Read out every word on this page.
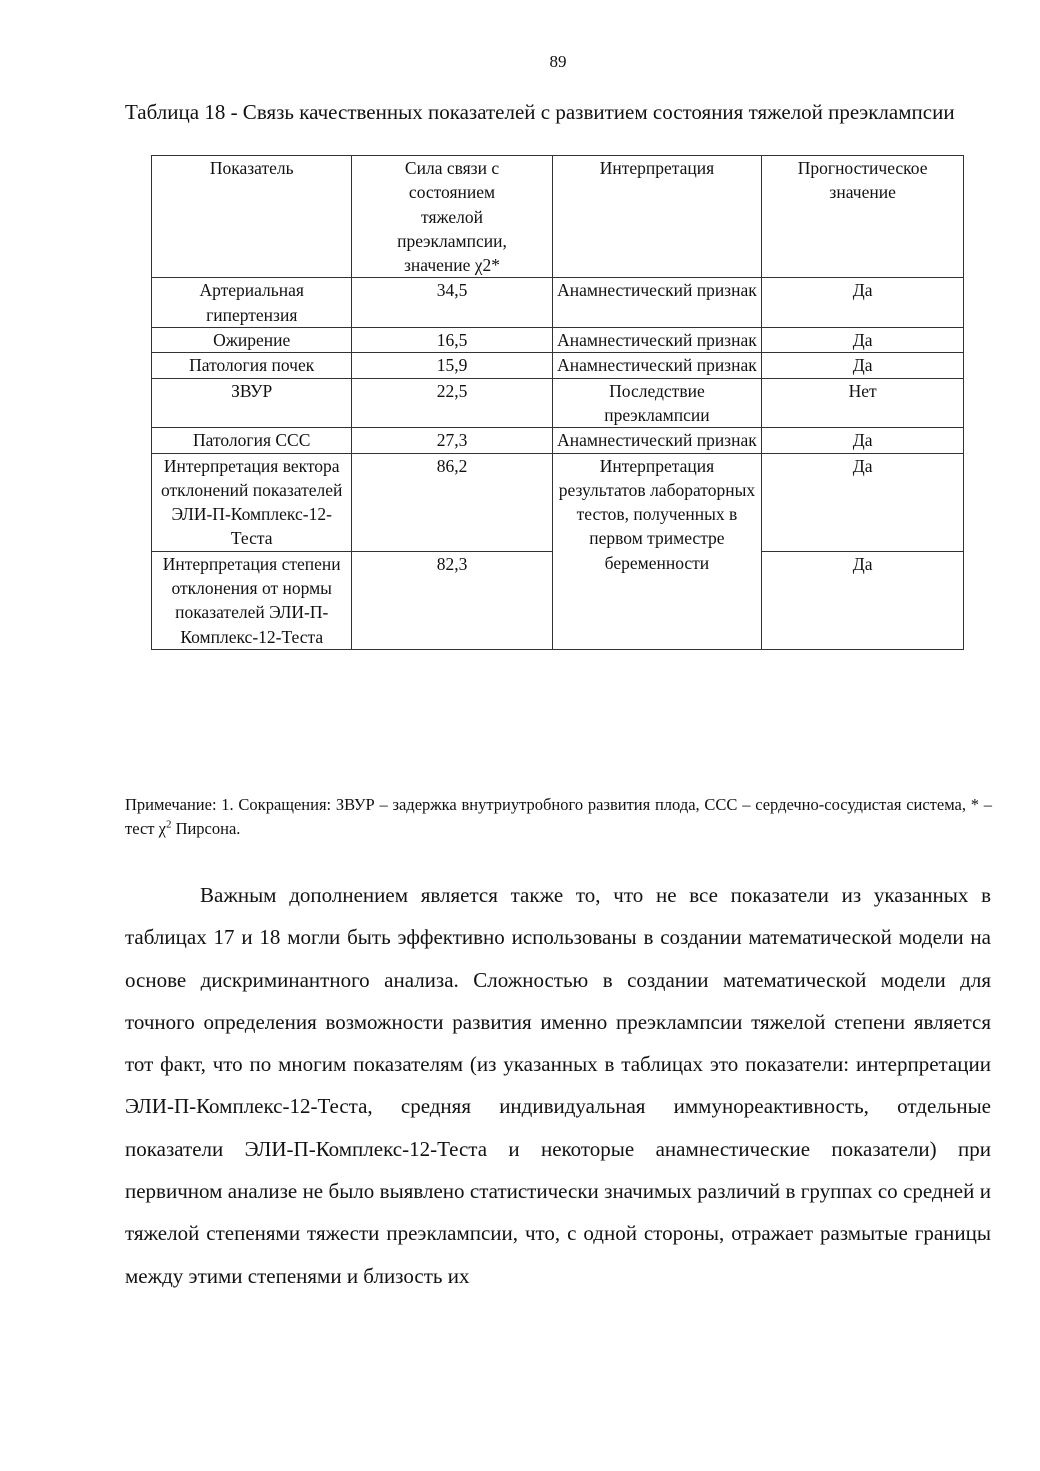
89
Таблица 18 - Связь качественных показателей с развитием состояния тяжелой преэклампсии
Показатель	Сила связи с состоянием тяжелой преэклампсии, значение χ2*	Интерпретация	Прогностическое значение
Артериальная гипертензия	34,5	Анамнестический признак	Да
Ожирение	16,5	Анамнестический признак	Да
Патология почек	15,9	Анамнестический признак	Да
ЗВУР	22,5	Последствие преэклампсии	Нет
Патология ССС	27,3	Анамнестический признак	Да
Интерпретация вектора отклонений показателей ЭЛИ-П-Комплекс-12-Теста	86,2	Интерпретация результатов лабораторных тестов, полученных в первом триместре беременности	Да
Интерпретация степени отклонения от нормы показателей ЭЛИ-П-Комплекс-12-Теста	82,3		Да
Примечание: 1. Сокращения: ЗВУР – задержка внутриутробного развития плода, ССС – сердечно-сосудистая система, * – тест $\chi^2$ Пирсона.

Важным дополнением является также то, что не все показатели из указанных в таблицах 17 и 18 могли быть эффективно использованы в создании математической модели на основе дискриминантного анализа. Сложностью в создании математической модели для точного определения возможности развития именно преэклампсии тяжелой степени является тот факт, что по многим показателям (из указанных в таблицах это показатели: интерпретации ЭЛИ-П-Комплекс-12-Теста, средняя индивидуальная иммунореактивность, отдельные показатели ЭЛИ-П-Комплекс-12-Теста и некоторые анамнестические показатели) при первичном анализе не было выявлено статистически значимых различий в группах со средней и тяжелой степенями тяжести преэклампсии, что, с одной стороны, отражает размытые границы между этими степенями и близость их
